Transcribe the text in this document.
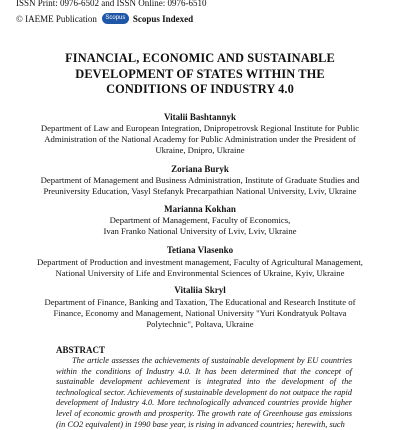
ISSN Print: 0976-6502 and ISSN Online: 0976-6510
© IAEME Publication	Scopus Scopus Indexed
FINANCIAL, ECONOMIC AND SUSTAINABLE
DEVELOPMENT OF STATES WITHIN THE
CONDITIONS OF INDUSTRY 4.0
Vitalii Bashtannyk
Department of Law and European Integration, Dnipropetrovsk Regional Institute for Public
Administration of the National Academy for Public Administration under the President of
Ukraine, Dnipro, Ukraine
Zoriana Buryk
Department of Management and Business Administration, Institute of Graduate Studies and
Preuniversity Education, Vasyl Stefanyk Precarpathian National University, Lviv, Ukraine
Marianna Kokhan
Department of Management, Faculty of Economics,
Ivan Franko National University of Lviv, Lviv, Ukraine
Tetiana Vlasenko
Department of Production and investment management, Faculty of Agricultural Management,
National University of Life and Environmental Sciences of Ukraine, Kyiv, Ukraine
Vitaliia Skryl
Department of Finance, Banking and Taxation, The Educational and Research Institute of
Finance, Economy and Management, National University "Yuri Kondratyuk Poltava
Polytechnic", Poltava, Ukraine
ABSTRACT
The article assesses the achievements of sustainable development by EU countries within the conditions of Industry 4.0. It has been determined that the concept of sustainable development achievement is integrated into the development of the technological sector. Achievements of sustainable development do not outpace the rapid development of Industry 4.0. More technologically advanced countries provide higher level of economic growth and prosperity. The growth rate of Greenhouse gas emissions (in CO2 equivalent) in 1990 base year, is rising in advanced countries; herewith, such
